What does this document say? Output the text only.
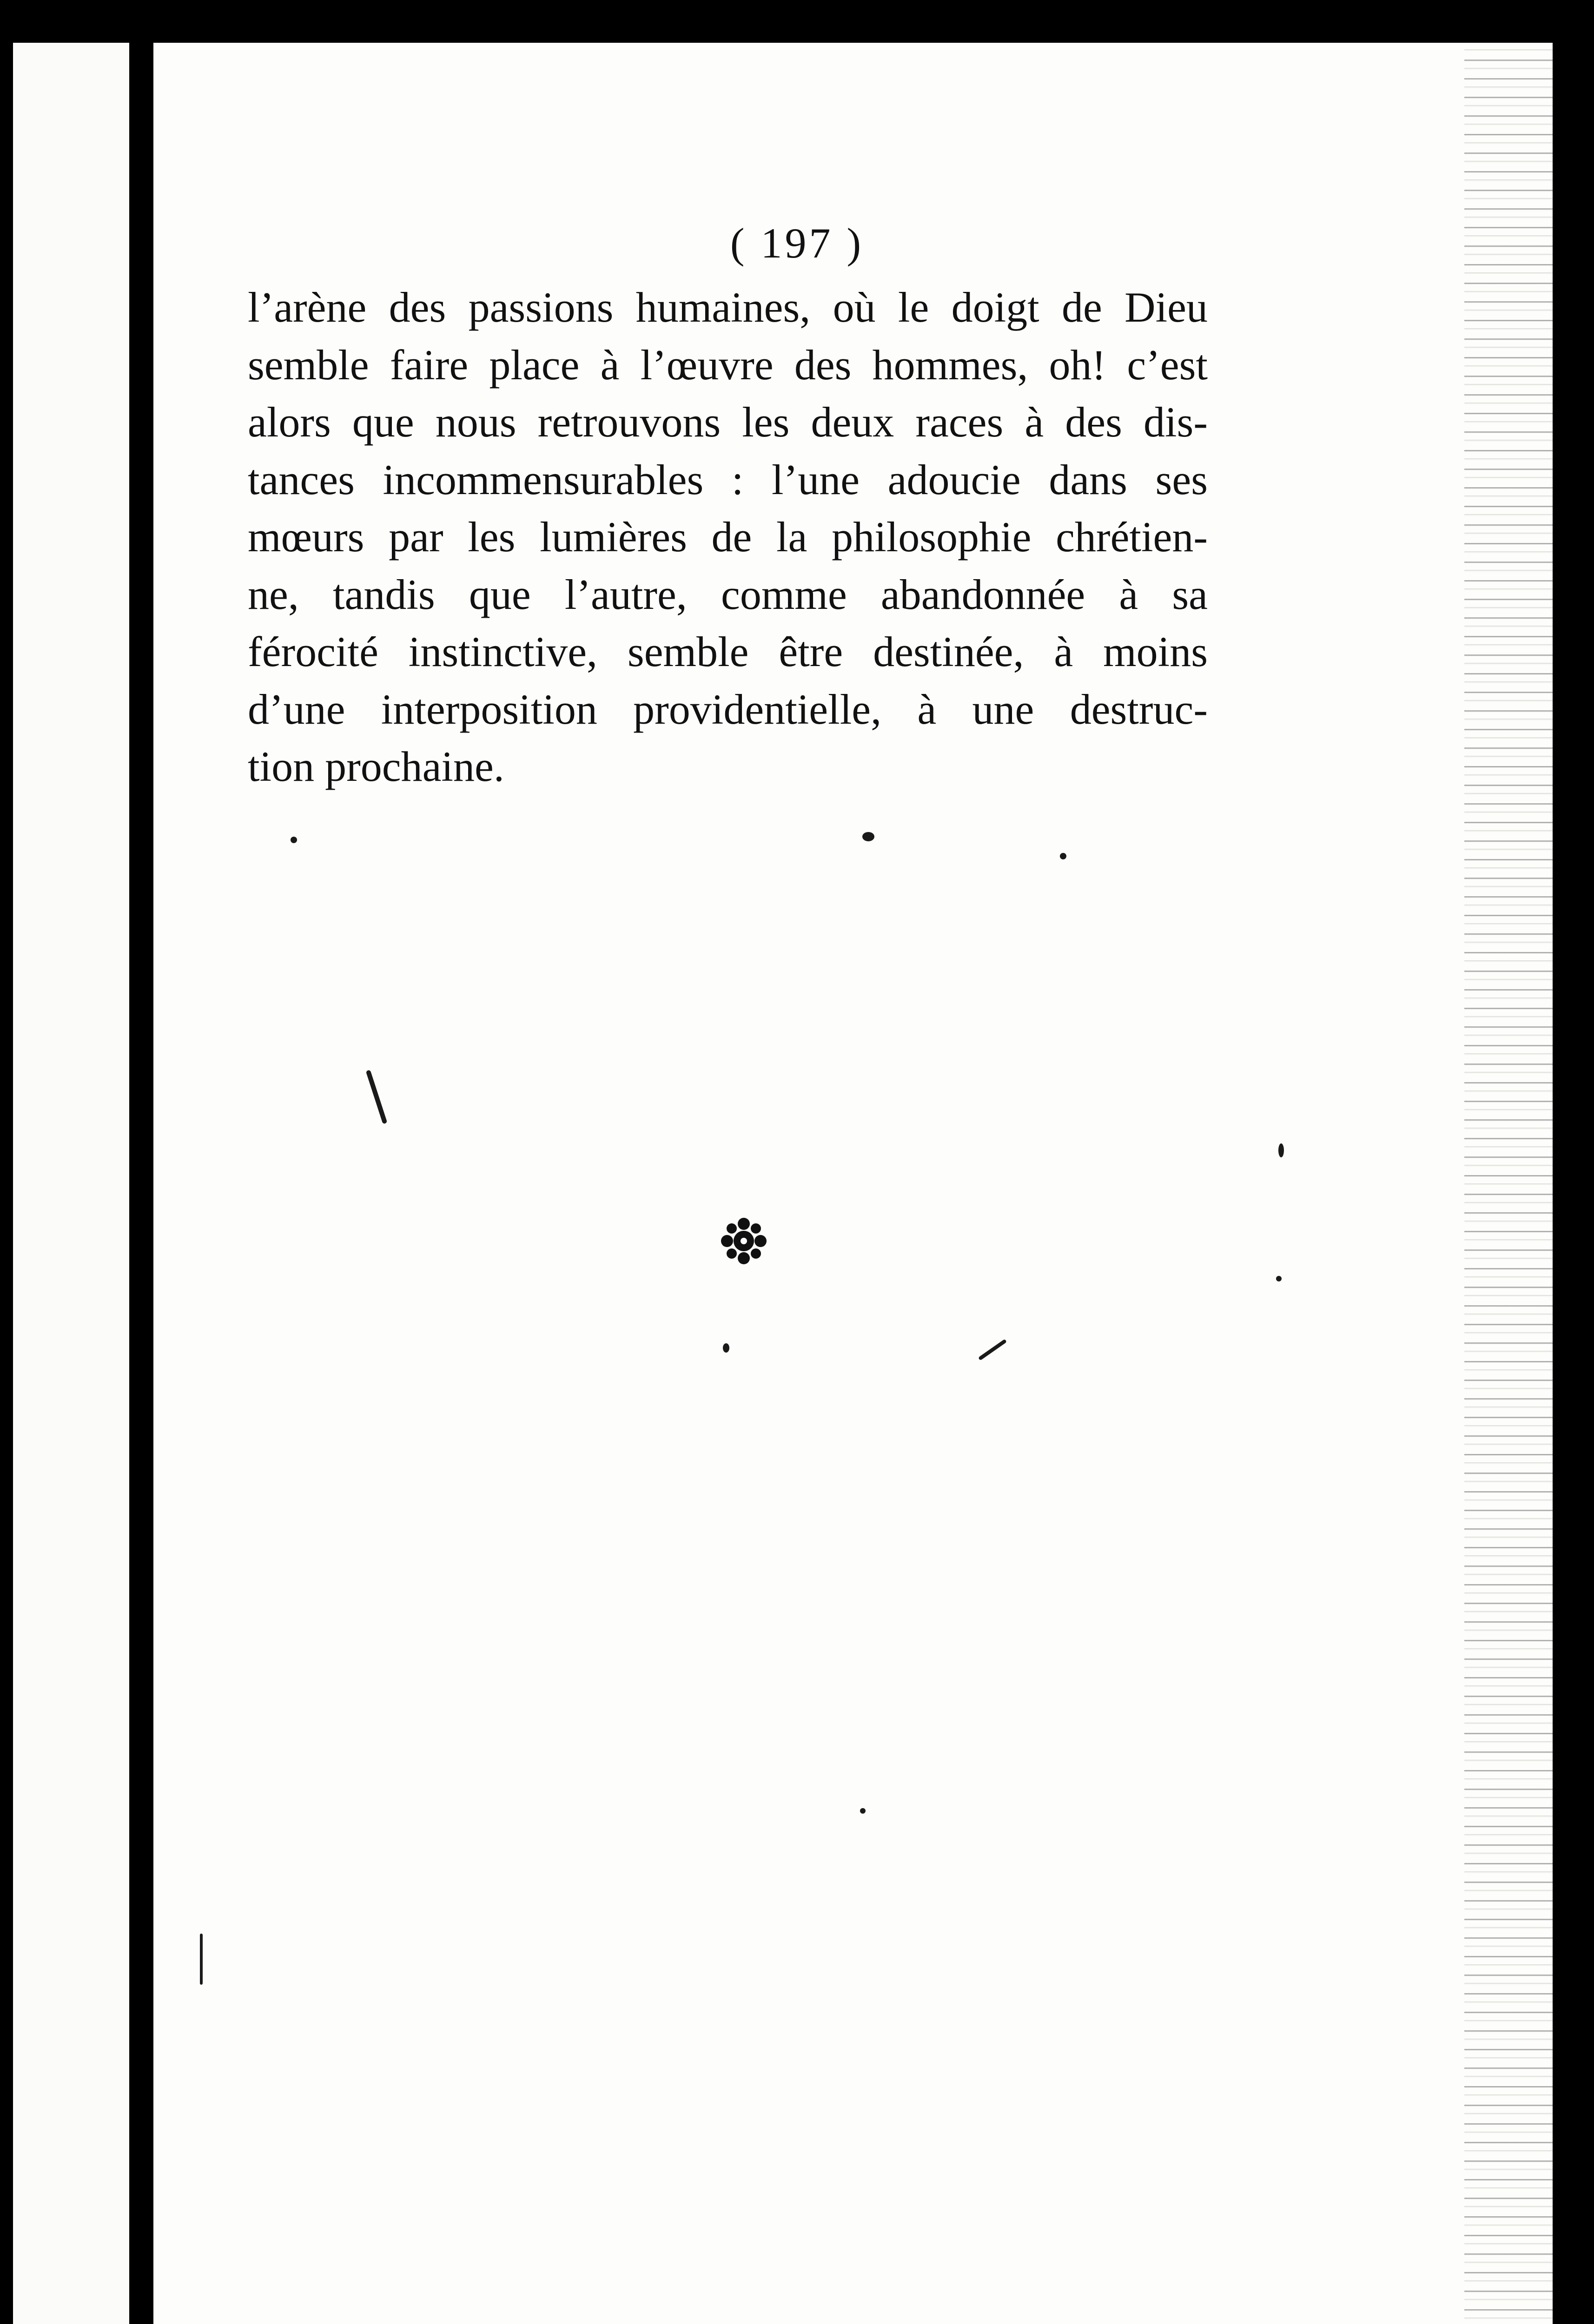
( 197 )
l’arène des passions humaines, où le doigt de Dieu
semble faire place à l’œuvre des hommes, oh! c’est
alors que nous retrouvons les deux races à des dis-
tances incommensurables : l’une adoucie dans ses
mœurs par les lumières de la philosophie chrétien-
ne, tandis que l’autre, comme abandonnée à sa
férocité instinctive, semble être destinée, à moins
d’une interposition providentielle, à une destruc-
tion prochaine.
